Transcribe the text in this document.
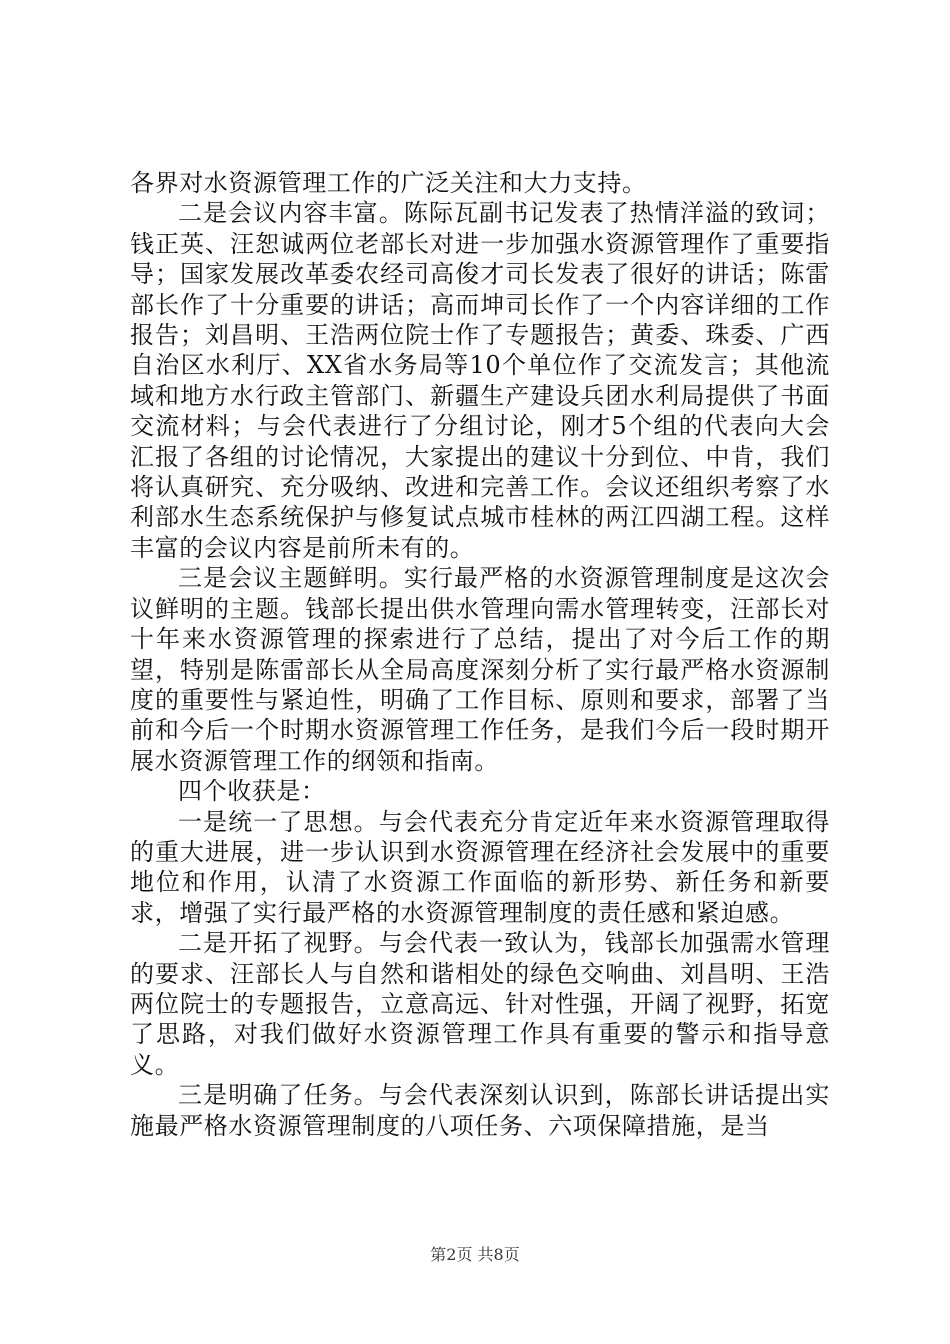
各界对水资源管理工作的广泛关注和大力支持。

二是会议内容丰富。陈际瓦副书记发表了热情洋溢的致词；钱正英、汪恕诚两位老部长对进一步加强水资源管理作了重要指导；国家发展改革委农经司高俊才司长发表了很好的讲话；陈雷部长作了十分重要的讲话；高而坤司长作了一个内容详细的工作报告；刘昌明、王浩两位院士作了专题报告；黄委、珠委、广西自治区水利厅、XX省水务局等10个单位作了交流发言；其他流域和地方水行政主管部门、新疆生产建设兵团水利局提供了书面交流材料；与会代表进行了分组讨论，刚才5个组的代表向大会汇报了各组的讨论情况，大家提出的建议十分到位、中肯，我们将认真研究、充分吸纳、改进和完善工作。会议还组织考察了水利部水生态系统保护与修复试点城市桂林的两江四湖工程。这样丰富的会议内容是前所未有的。

三是会议主题鲜明。实行最严格的水资源管理制度是这次会议鲜明的主题。钱部长提出供水管理向需水管理转变，汪部长对十年来水资源管理的探索进行了总结，提出了对今后工作的期望，特别是陈雷部长从全局高度深刻分析了实行最严格水资源制度的重要性与紧迫性，明确了工作目标、原则和要求，部署了当前和今后一个时期水资源管理工作任务，是我们今后一段时期开展水资源管理工作的纲领和指南。

四个收获是：

一是统一了思想。与会代表充分肯定近年来水资源管理取得的重大进展，进一步认识到水资源管理在经济社会发展中的重要地位和作用，认清了水资源工作面临的新形势、新任务和新要求，增强了实行最严格的水资源管理制度的责任感和紧迫感。

二是开拓了视野。与会代表一致认为，钱部长加强需水管理的要求、汪部长人与自然和谐相处的绿色交响曲、刘昌明、王浩两位院士的专题报告，立意高远、针对性强，开阔了视野，拓宽了思路，对我们做好水资源管理工作具有重要的警示和指导意义。

三是明确了任务。与会代表深刻认识到，陈部长讲话提出实施最严格水资源管理制度的八项任务、六项保障措施，是当

第2页 共8页
